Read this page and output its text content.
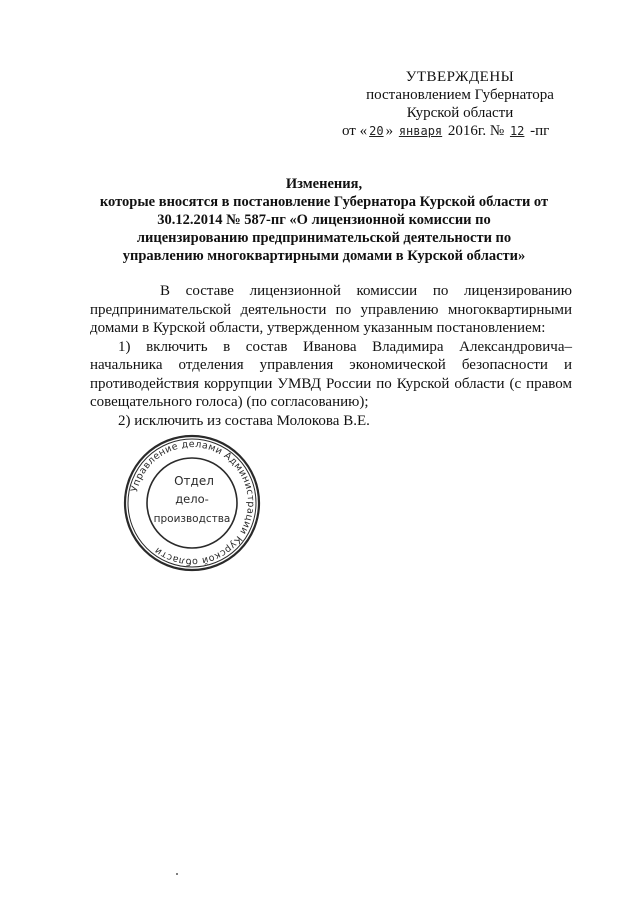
УТВЕРЖДЕНЫ
постановлением Губернатора
Курской области
от « 20 » января 2016г. № 12 -пг
Изменения,
которые вносятся в постановление Губернатора Курской области от
30.12.2014 № 587-пг «О лицензионной комиссии по
лицензированию предпринимательской деятельности по
управлению многоквартирными домами в Курской области»

В составе лицензионной комиссии по лицензированию предпринимательской деятельности по управлению многоквартирными домами в Курской области, утвержденном указанным постановлением:

1) включить в состав Иванова Владимира Александровича– начальника отделения управления экономической безопасности и противодействия коррупции УМВД России по Курской области (с правом совещательного голоса) (по согласованию);

2) исключить из состава Молокова В.Е.

Управление делами Администрации Курской области
Отдел
дело-
производства
